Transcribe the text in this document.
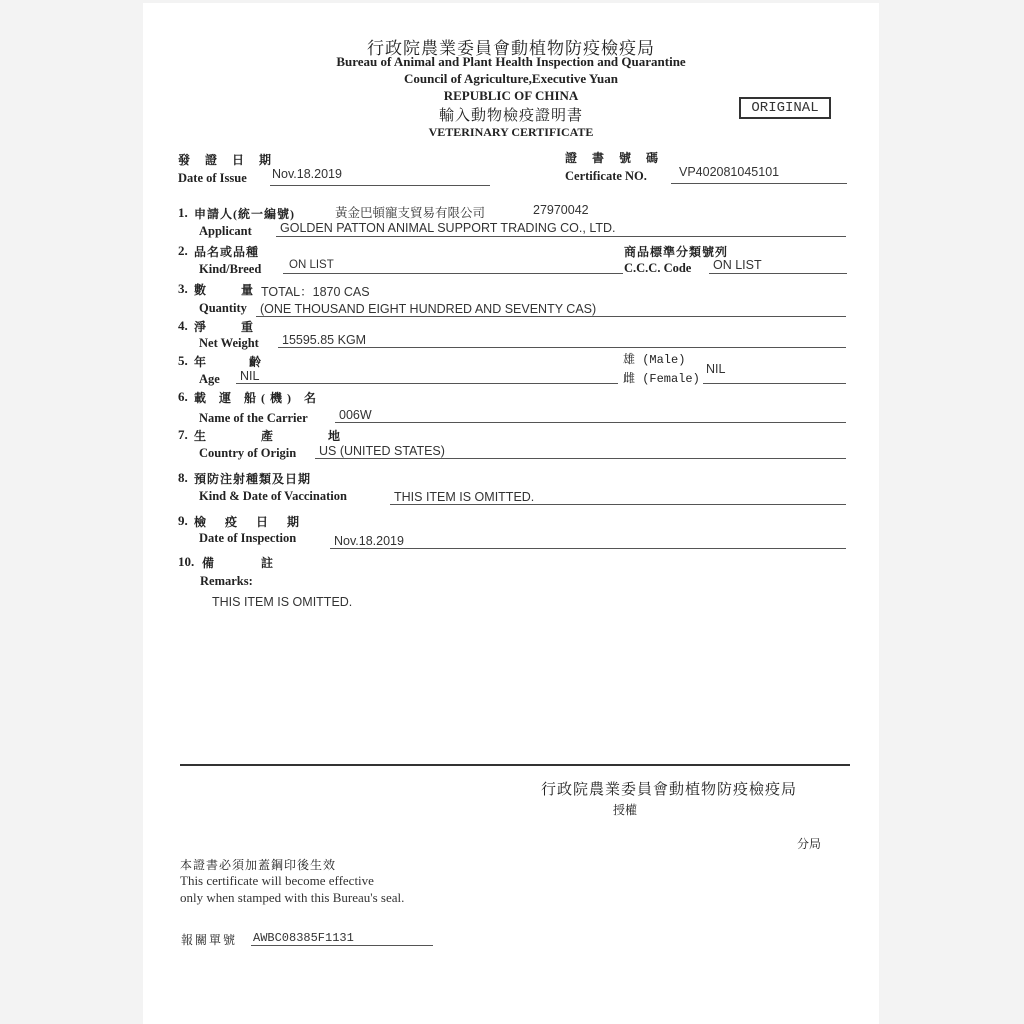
行政院農業委員會動植物防疫檢疫局
Bureau of Animal and Plant Health Inspection and Quarantine
Council of Agriculture,Executive Yuan
REPUBLIC OF CHINA
輸入動物檢疫證明書
VETERINARY CERTIFICATE
ORIGINAL
發 證 日 期
Date of Issue Nov.18.2019
證 書 號 碼
Certificate NO.	VP402081045101
1. 申請人(統一編號)	黃金巴頓寵支貿易有限公司	27970042
Applicant GOLDEN PATTON ANIMAL SUPPORT TRADING CO., LTD.
2. 品名或品種
Kind/Breed ON LIST
商品標準分類號列
C.C.C. Code ON LIST
3. 數 量
TOTAL：1870 CAS
Quantity (ONE THOUSAND EIGHT HUNDRED AND SEVENTY CAS)
4. 淨 重
Net Weight 15595.85 KGM
5. 年 齡
Age NIL
雄 (Male)
雌 (Female)
NIL
6. 載 運 船(機) 名
Name of the Carrier	006W
7. 生 產 地
Country of Origin US (UNITED STATES)
8. 預防注射種類及日期
Kind & Date of Vaccination	THIS ITEM IS OMITTED.
9. 檢 疫 日 期
Date of Inspection	Nov.18.2019
10. 備 註
Remarks:
THIS ITEM IS OMITTED.
行政院農業委員會動植物防疫檢疫局
授權
分局
本證書必須加蓋鋼印後生效
This certificate will become effective
only when stamped with this Bureau's seal.
報關單號 AWBC08385F1131
